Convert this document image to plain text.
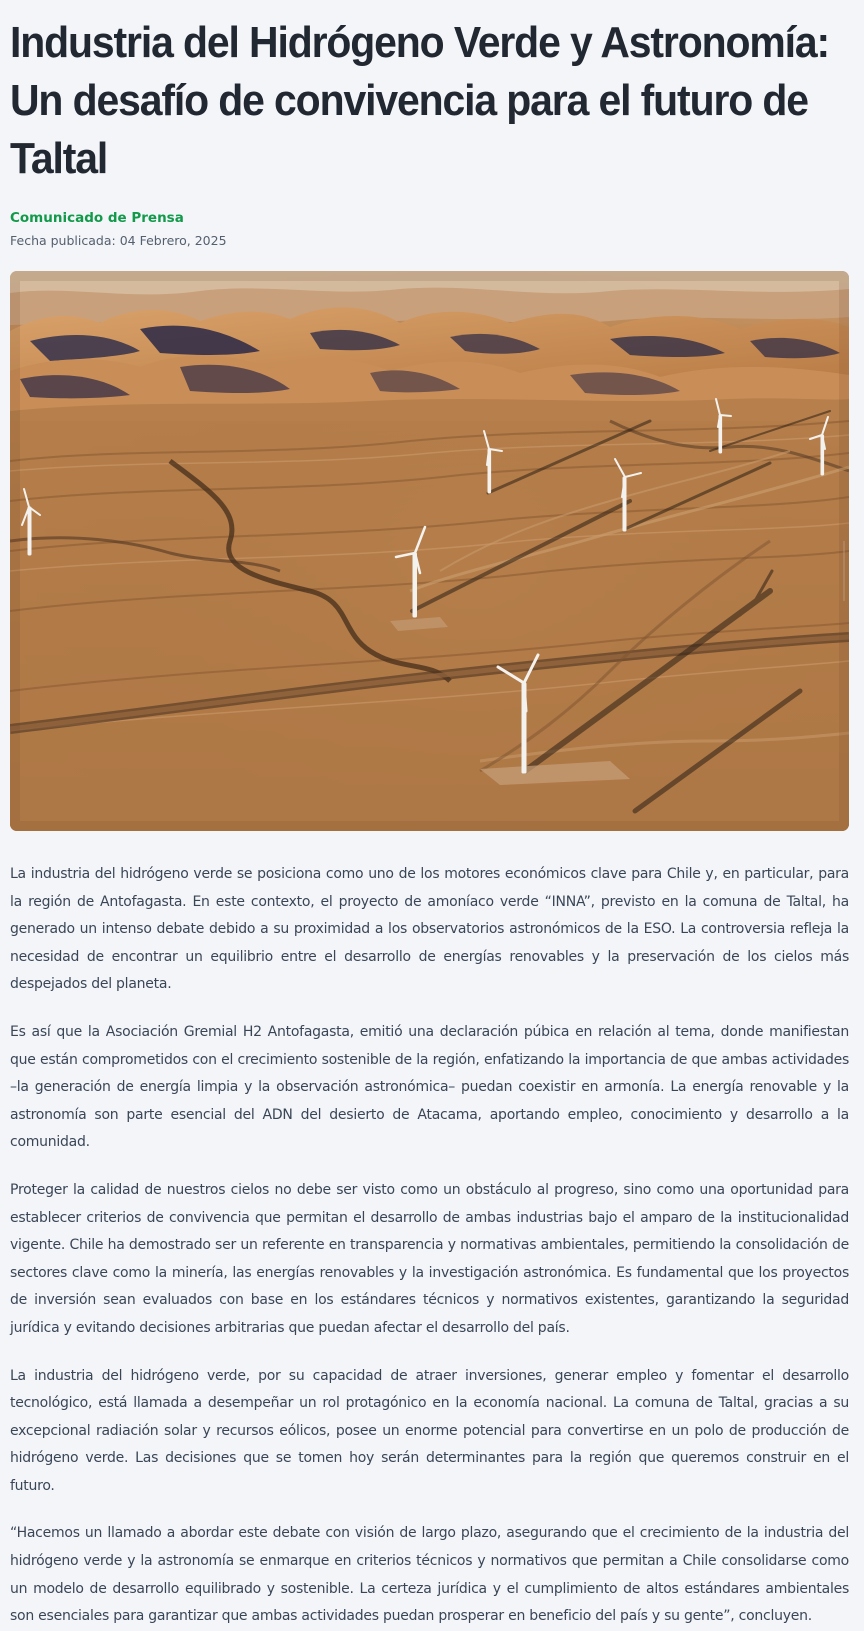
Industria del Hidrógeno Verde y Astronomía: Un desafío de convivencia para el futuro de Taltal
Comunicado de Prensa
Fecha publicada: 04 Febrero, 2025

La industria del hidrógeno verde se posiciona como uno de los motores económicos clave para Chile y, en particular, para la región de Antofagasta. En este contexto, el proyecto de amoníaco verde “INNA”, previsto en la comuna de Taltal, ha generado un intenso debate debido a su proximidad a los observatorios astronómicos de la ESO. La controversia refleja la necesidad de encontrar un equilibrio entre el desarrollo de energías renovables y la preservación de los cielos más despejados del planeta.

Es así que la Asociación Gremial H2 Antofagasta, emitió una declaración púbica en relación al tema, donde manifiestan que están comprometidos con el crecimiento sostenible de la región, enfatizando la importancia de que ambas actividades –la generación de energía limpia y la observación astronómica– puedan coexistir en armonía. La energía renovable y la astronomía son parte esencial del ADN del desierto de Atacama, aportando empleo, conocimiento y desarrollo a la comunidad.

Proteger la calidad de nuestros cielos no debe ser visto como un obstáculo al progreso, sino como una oportunidad para establecer criterios de convivencia que permitan el desarrollo de ambas industrias bajo el amparo de la institucionalidad vigente. Chile ha demostrado ser un referente en transparencia y normativas ambientales, permitiendo la consolidación de sectores clave como la minería, las energías renovables y la investigación astronómica. Es fundamental que los proyectos de inversión sean evaluados con base en los estándares técnicos y normativos existentes, garantizando la seguridad jurídica y evitando decisiones arbitrarias que puedan afectar el desarrollo del país.

La industria del hidrógeno verde, por su capacidad de atraer inversiones, generar empleo y fomentar el desarrollo tecnológico, está llamada a desempeñar un rol protagónico en la economía nacional. La comuna de Taltal, gracias a su excepcional radiación solar y recursos eólicos, posee un enorme potencial para convertirse en un polo de producción de hidrógeno verde. Las decisiones que se tomen hoy serán determinantes para la región que queremos construir en el futuro.

“Hacemos un llamado a abordar este debate con visión de largo plazo, asegurando que el crecimiento de la industria del hidrógeno verde y la astronomía se enmarque en criterios técnicos y normativos que permitan a Chile consolidarse como un modelo de desarrollo equilibrado y sostenible. La certeza jurídica y el cumplimiento de altos estándares ambientales son esenciales para garantizar que ambas actividades puedan prosperar en beneficio del país y su gente”, concluyen.
